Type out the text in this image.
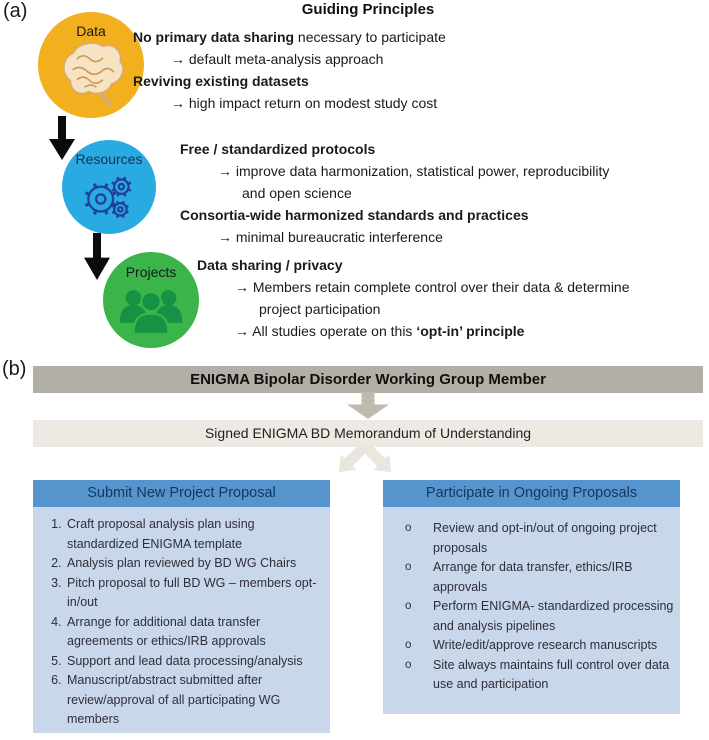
(a)	Guiding Principles
Data
Resources
Projects
No primary data sharing necessary to participate
→ default meta-analysis approach
Reviving existing datasets
→ high impact return on modest study cost
Free / standardized protocols
→ improve data harmonization, statistical power, reproducibility
and open science
Consortia-wide harmonized standards and practices
→ minimal bureaucratic interference
Data sharing / privacy
→ Members retain complete control over their data & determine
project participation
→ All studies operate on this ‘opt-in’ principle
(b)	ENIGMA Bipolar Disorder Working Group Member
Signed ENIGMA BD Memorandum of Understanding
Submit New Project Proposal
1. Craft proposal analysis plan using standardized ENIGMA template
2. Analysis plan reviewed by BD WG Chairs
3. Pitch proposal to full BD WG – members opt-in/out
4. Arrange for additional data transfer agreements or ethics/IRB approvals
5. Support and lead data processing/analysis
6. Manuscript/abstract submitted after review/approval of all participating WG members
Participate in Ongoing Proposals
o Review and opt-in/out of ongoing project proposals
o Arrange for data transfer, ethics/IRB approvals
o Perform ENIGMA- standardized processing and analysis pipelines
o Write/edit/approve research manuscripts
o Site always maintains full control over data use and participation
